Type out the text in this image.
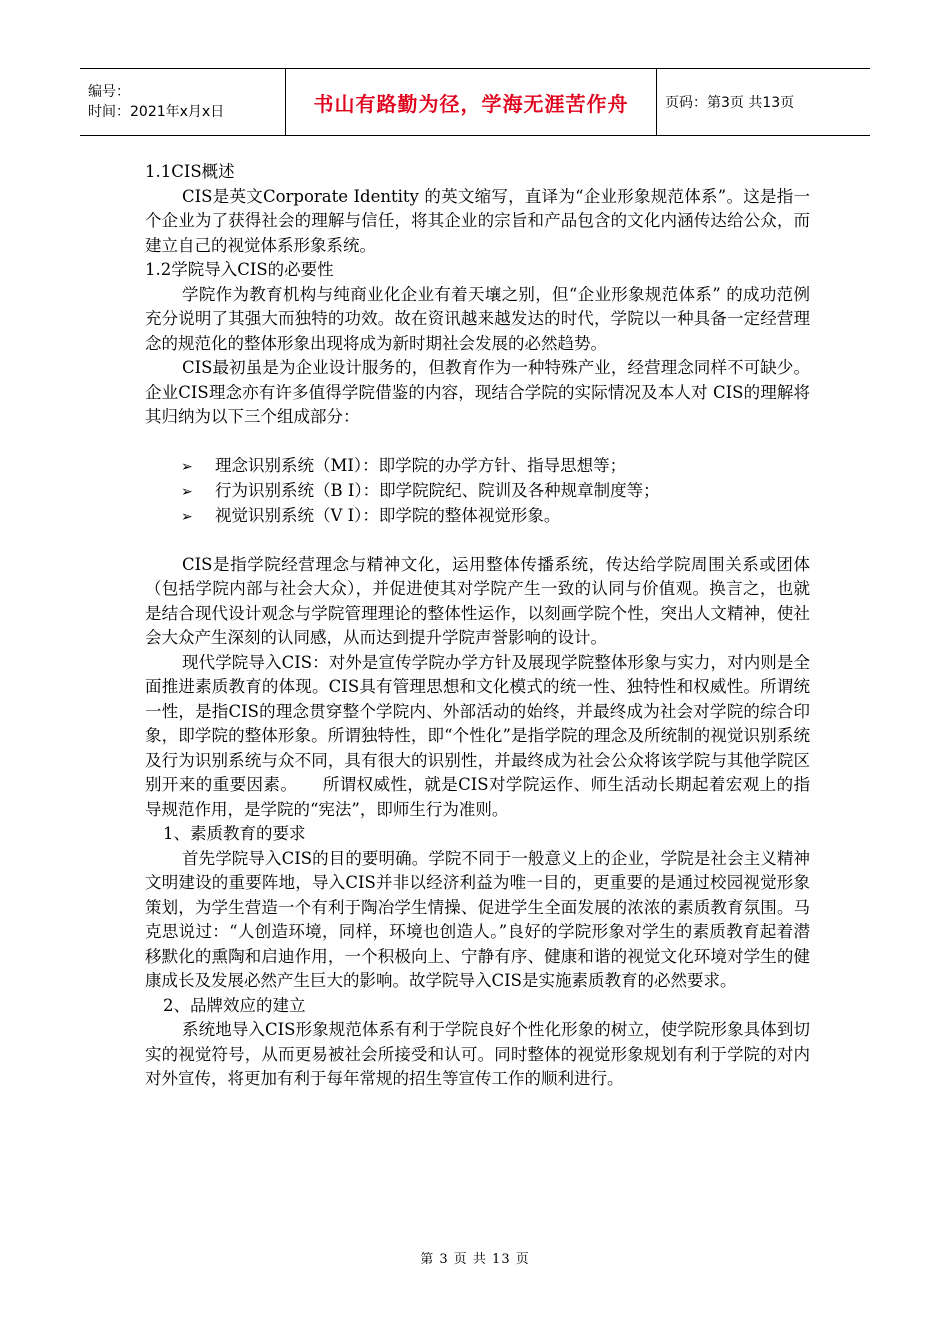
编号：
时间：2021年x月x日	书山有路勤为径，学海无涯苦作舟	页码：第3页 共13页

1.1CIS概述

CIS是英文Corporate Identity 的英文缩写，直译为“企业形象规范体系”。这是指一个企业为了获得社会的理解与信任，将其企业的宗旨和产品包含的文化内涵传达给公众，而建立自己的视觉体系形象系统。

1.2学院导入CIS的必要性

学院作为教育机构与纯商业化企业有着天壤之别，但“企业形象规范体系” 的成功范例充分说明了其强大而独特的功效。故在资讯越来越发达的时代，学院以一种具备一定经营理念的规范化的整体形象出现将成为新时期社会发展的必然趋势。

CIS最初虽是为企业设计服务的，但教育作为一种特殊产业，经营理念同样不可缺少。企业CIS理念亦有许多值得学院借鉴的内容，现结合学院的实际情况及本人对 CIS的理解将其归纳为以下三个组成部分：

➢	理念识别系统（MI）：即学院的办学方针、指导思想等；
➢	行为识别系统（B I）：即学院院纪、院训及各种规章制度等；
➢	视觉识别系统（V I）：即学院的整体视觉形象。

CIS是指学院经营理念与精神文化，运用整体传播系统，传达给学院周围关系或团体（包括学院内部与社会大众），并促进使其对学院产生一致的认同与价值观。换言之，也就是结合现代设计观念与学院管理理论的整体性运作，以刻画学院个性，突出人文精神，使社会大众产生深刻的认同感，从而达到提升学院声誉影响的设计。

现代学院导入CIS：对外是宣传学院办学方针及展现学院整体形象与实力，对内则是全面推进素质教育的体现。CIS具有管理思想和文化模式的统一性、独特性和权威性。所谓统一性，是指CIS的理念贯穿整个学院内、外部活动的始终，并最终成为社会对学院的综合印象，即学院的整体形象。所谓独特性，即“个性化”是指学院的理念及所统制的视觉识别系统及行为识别系统与众不同，具有很大的识别性，并最终成为社会公众将该学院与其他学院区别开来的重要因素。　　所谓权威性，就是CIS对学院运作、师生活动长期起着宏观上的指导规范作用，是学院的“宪法”，即师生行为准则。

1、素质教育的要求

首先学院导入CIS的目的要明确。学院不同于一般意义上的企业，学院是社会主义精神文明建设的重要阵地，导入CIS并非以经济利益为唯一目的，更重要的是通过校园视觉形象策划，为学生营造一个有利于陶冶学生情操、促进学生全面发展的浓浓的素质教育氛围。马克思说过：“人创造环境，同样，环境也创造人。”良好的学院形象对学生的素质教育起着潜移默化的熏陶和启迪作用，一个积极向上、宁静有序、健康和谐的视觉文化环境对学生的健康成长及发展必然产生巨大的影响。故学院导入CIS是实施素质教育的必然要求。

2、品牌效应的建立

系统地导入CIS形象规范体系有利于学院良好个性化形象的树立，使学院形象具体到切实的视觉符号，从而更易被社会所接受和认可。同时整体的视觉形象规划有利于学院的对内对外宣传，将更加有利于每年常规的招生等宣传工作的顺利进行。

第 3 页 共 13 页
